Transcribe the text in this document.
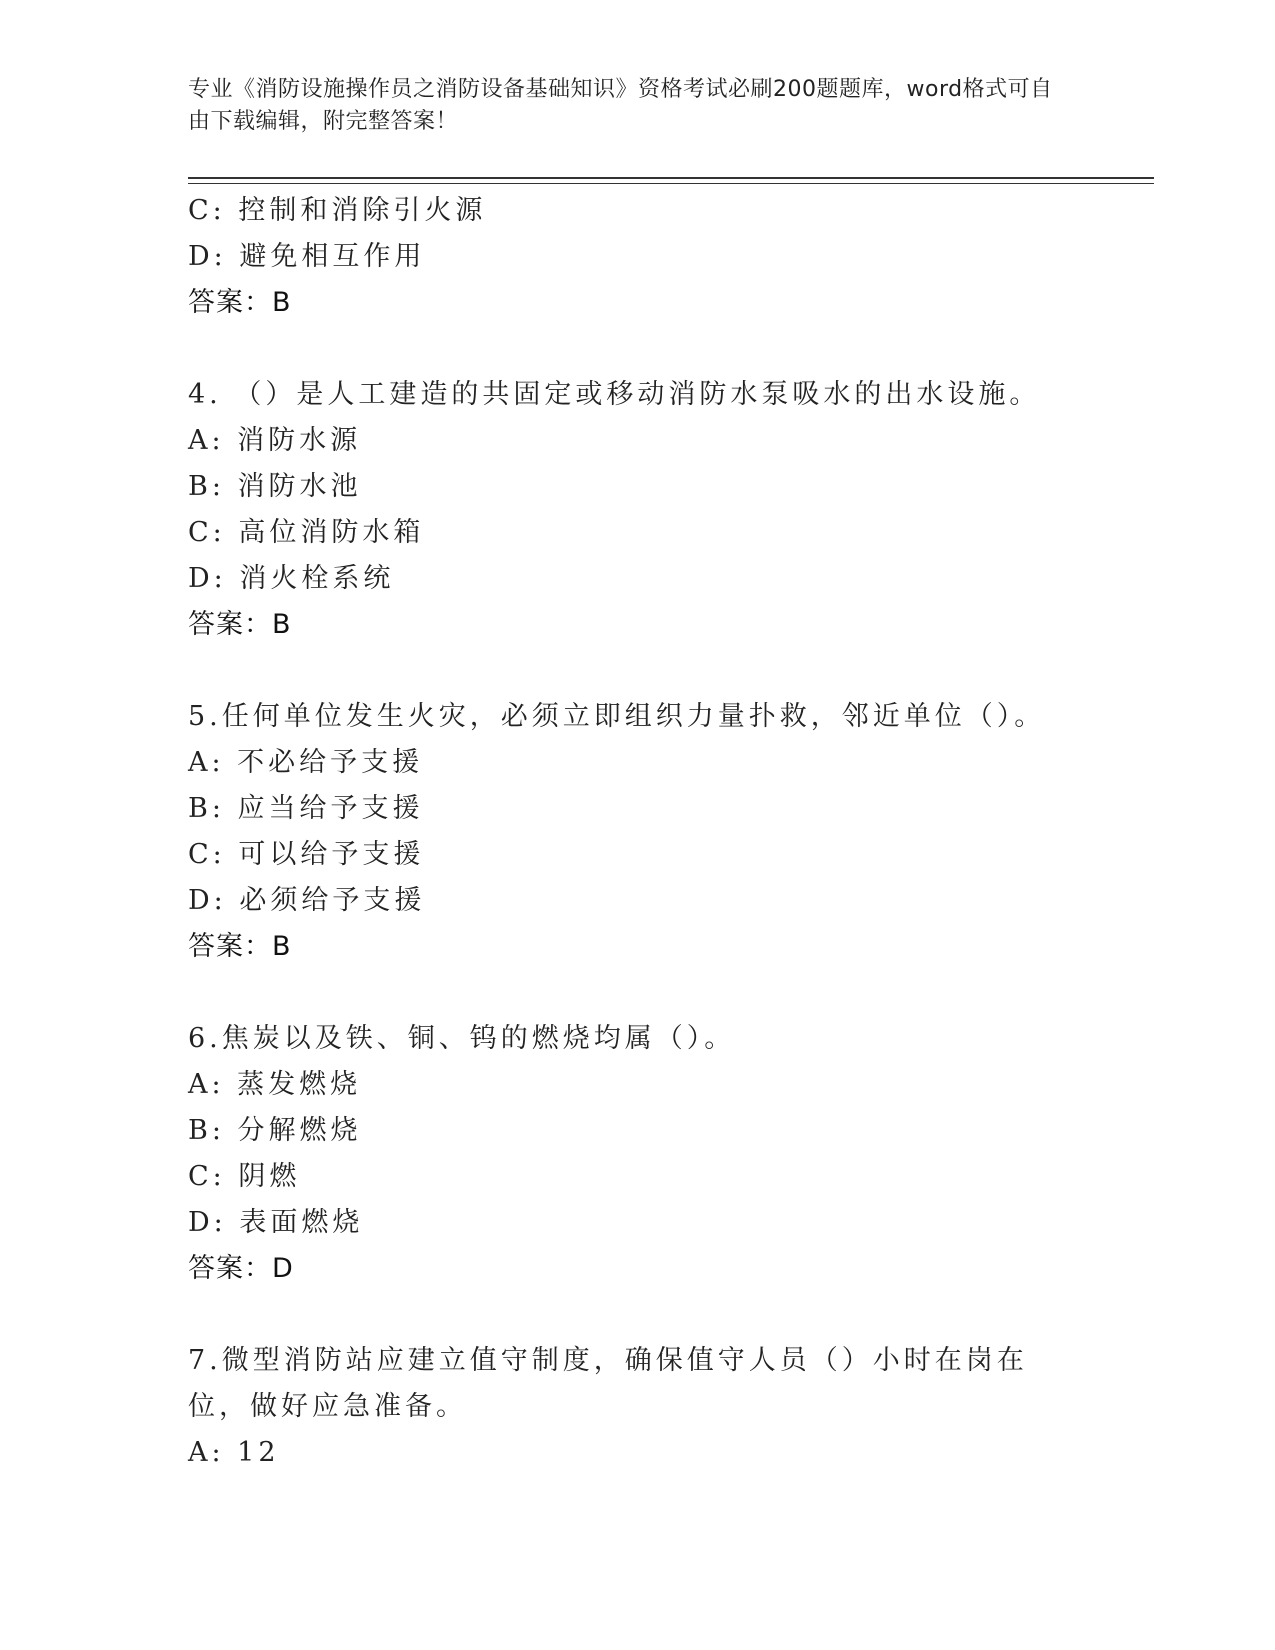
专业《消防设施操作员之消防设备基础知识》资格考试必刷200题题库，word格式可自由下载编辑，附完整答案！
C: 控制和消除引火源
D: 避免相互作用
答案：B
4. （）是人工建造的共固定或移动消防水泵吸水的出水设施。
A: 消防水源
B: 消防水池
C: 高位消防水箱
D: 消火栓系统
答案：B
5.任何单位发生火灾，必须立即组织力量扑救，邻近单位（）。
A: 不必给予支援
B: 应当给予支援
C: 可以给予支援
D: 必须给予支援
答案：B
6.焦炭以及铁、铜、钨的燃烧均属（）。
A: 蒸发燃烧
B: 分解燃烧
C: 阴燃
D: 表面燃烧
答案：D
7.微型消防站应建立值守制度，确保值守人员（）小时在岗在位，做好应急准备。
A: 12
